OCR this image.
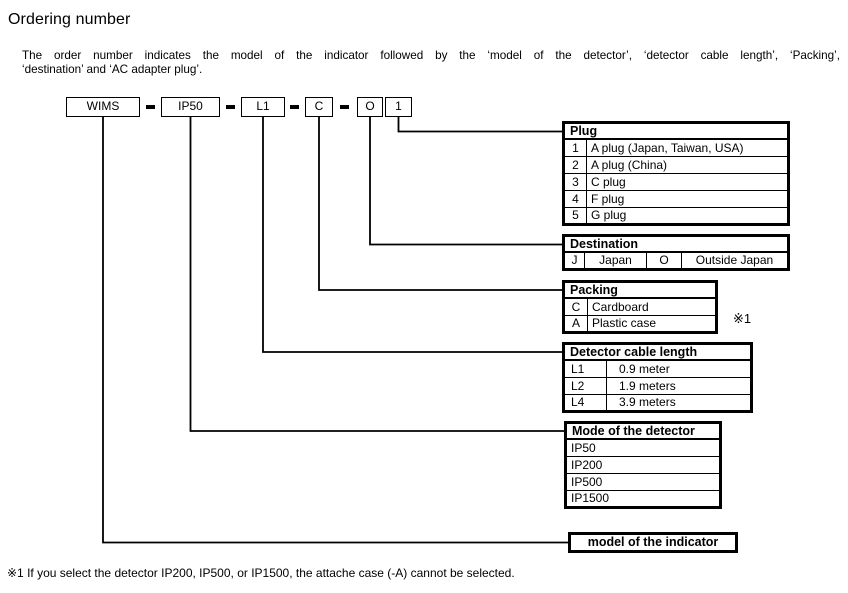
Ordering number
The order number indicates the model of the indicator followed by the ‘model of the detector’, ‘detector cable length’, ‘Packing’,
‘destination’ and ‘AC adapter plug’.
WIMS	IP50	L1	C	O	1
Plug	
1	A plug (Japan, Taiwan, USA)
2	A plug (China)
3	C plug
4	F plug
5	G plug
Destination
J	Japan	O	Outside Japan
Packing	
C	Cardboard
A	Plastic case	※1
Detector cable length	
L1	0.9 meter
L2	1.9 meters
L4	3.9 meters
Mode of the detector
IP50
IP200
IP500
IP1500
model of the indicator
※1 If you select the detector IP200, IP500, or IP1500, the attache case (-A) cannot be selected.
